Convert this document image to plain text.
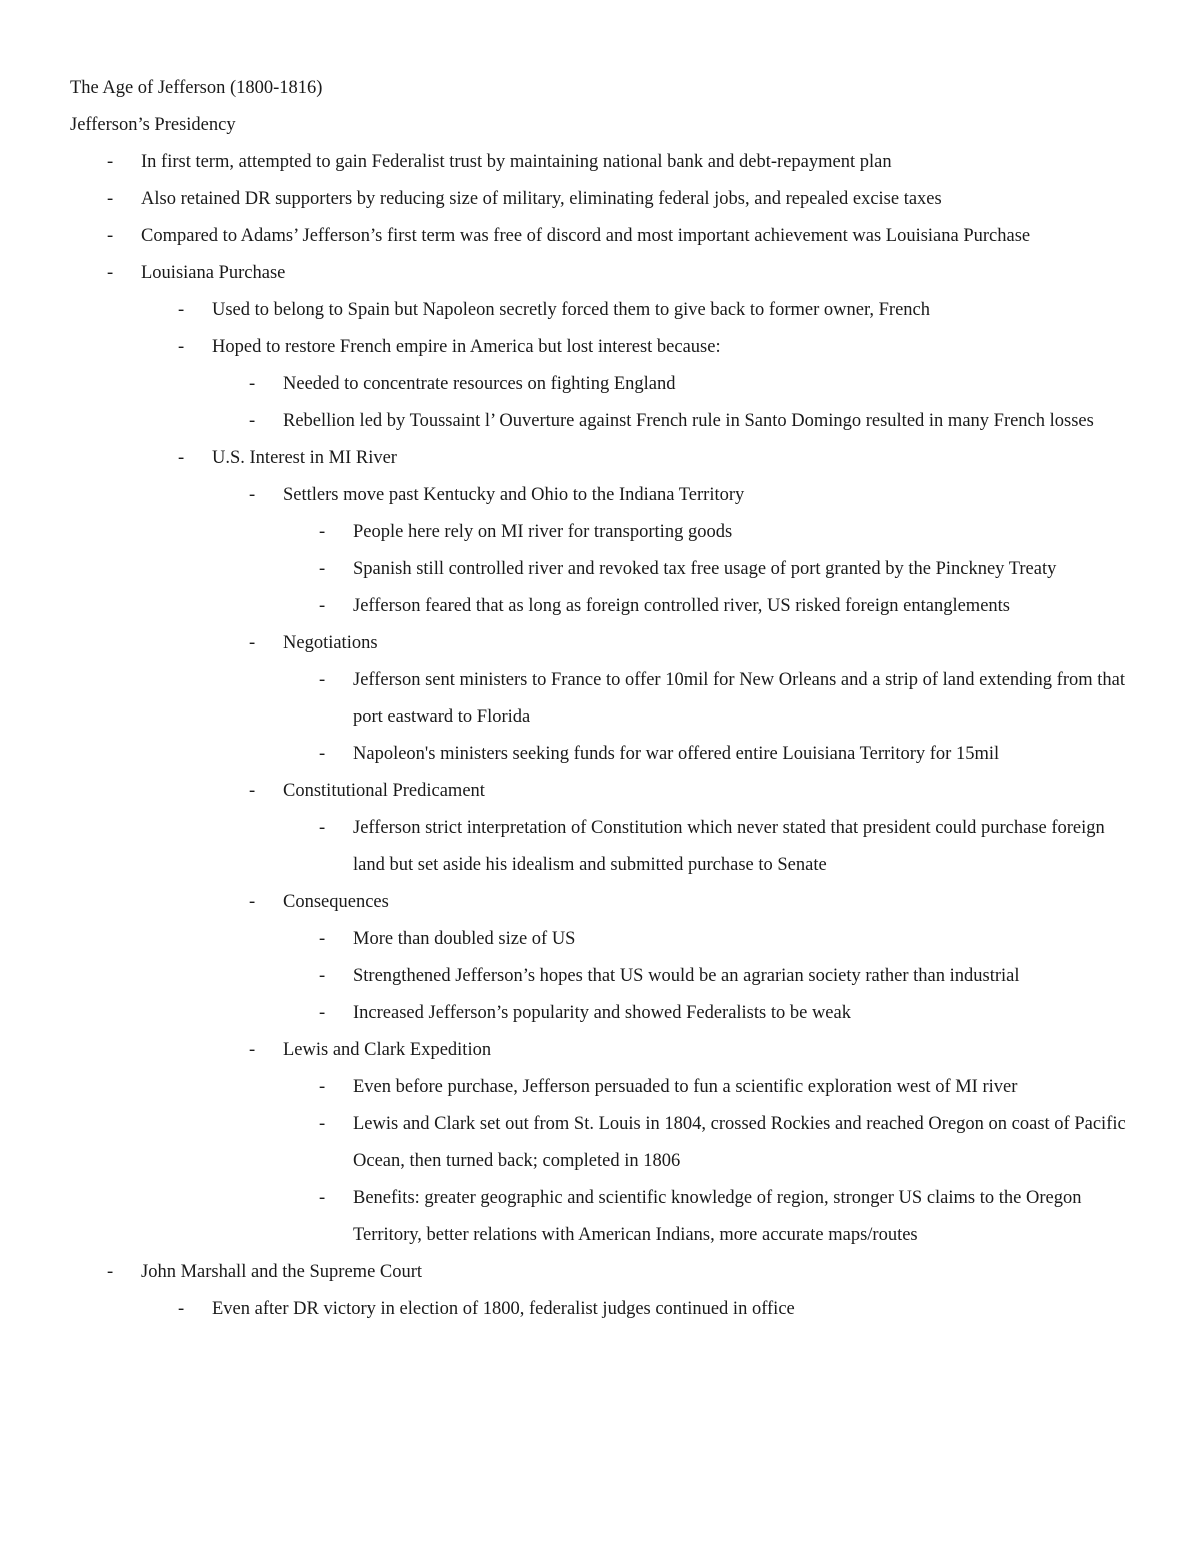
The Age of Jefferson (1800-1816)
Jefferson’s Presidency
- In first term, attempted to gain Federalist trust by maintaining national bank and debt-repayment plan
- Also retained DR supporters by reducing size of military, eliminating federal jobs, and repealed excise taxes
- Compared to Adams’ Jefferson’s first term was free of discord and most important achievement was Louisiana Purchase
- Louisiana Purchase
- Used to belong to Spain but Napoleon secretly forced them to give back to former owner, French
- Hoped to restore French empire in America but lost interest because:
- Needed to concentrate resources on fighting England
- Rebellion led by Toussaint l’ Ouverture against French rule in Santo Domingo resulted in many French losses
- U.S. Interest in MI River
- Settlers move past Kentucky and Ohio to the Indiana Territory
- People here rely on MI river for transporting goods
- Spanish still controlled river and revoked tax free usage of port granted by the Pinckney Treaty
- Jefferson feared that as long as foreign controlled river, US risked foreign entanglements
- Negotiations
- Jefferson sent ministers to France to offer 10mil for New Orleans and a strip of land extending from that port eastward to Florida
- Napoleon's ministers seeking funds for war offered entire Louisiana Territory for 15mil
- Constitutional Predicament
- Jefferson strict interpretation of Constitution which never stated that president could purchase foreign land but set aside his idealism and submitted purchase to Senate
- Consequences
- More than doubled size of US
- Strengthened Jefferson’s hopes that US would be an agrarian society rather than industrial
- Increased Jefferson’s popularity and showed Federalists to be weak
- Lewis and Clark Expedition
- Even before purchase, Jefferson persuaded to fun a scientific exploration west of MI river
- Lewis and Clark set out from St. Louis in 1804, crossed Rockies and reached Oregon on coast of Pacific Ocean, then turned back; completed in 1806
- Benefits: greater geographic and scientific knowledge of region, stronger US claims to the Oregon Territory, better relations with American Indians, more accurate maps/routes
- John Marshall and the Supreme Court
- Even after DR victory in election of 1800, federalist judges continued in office
